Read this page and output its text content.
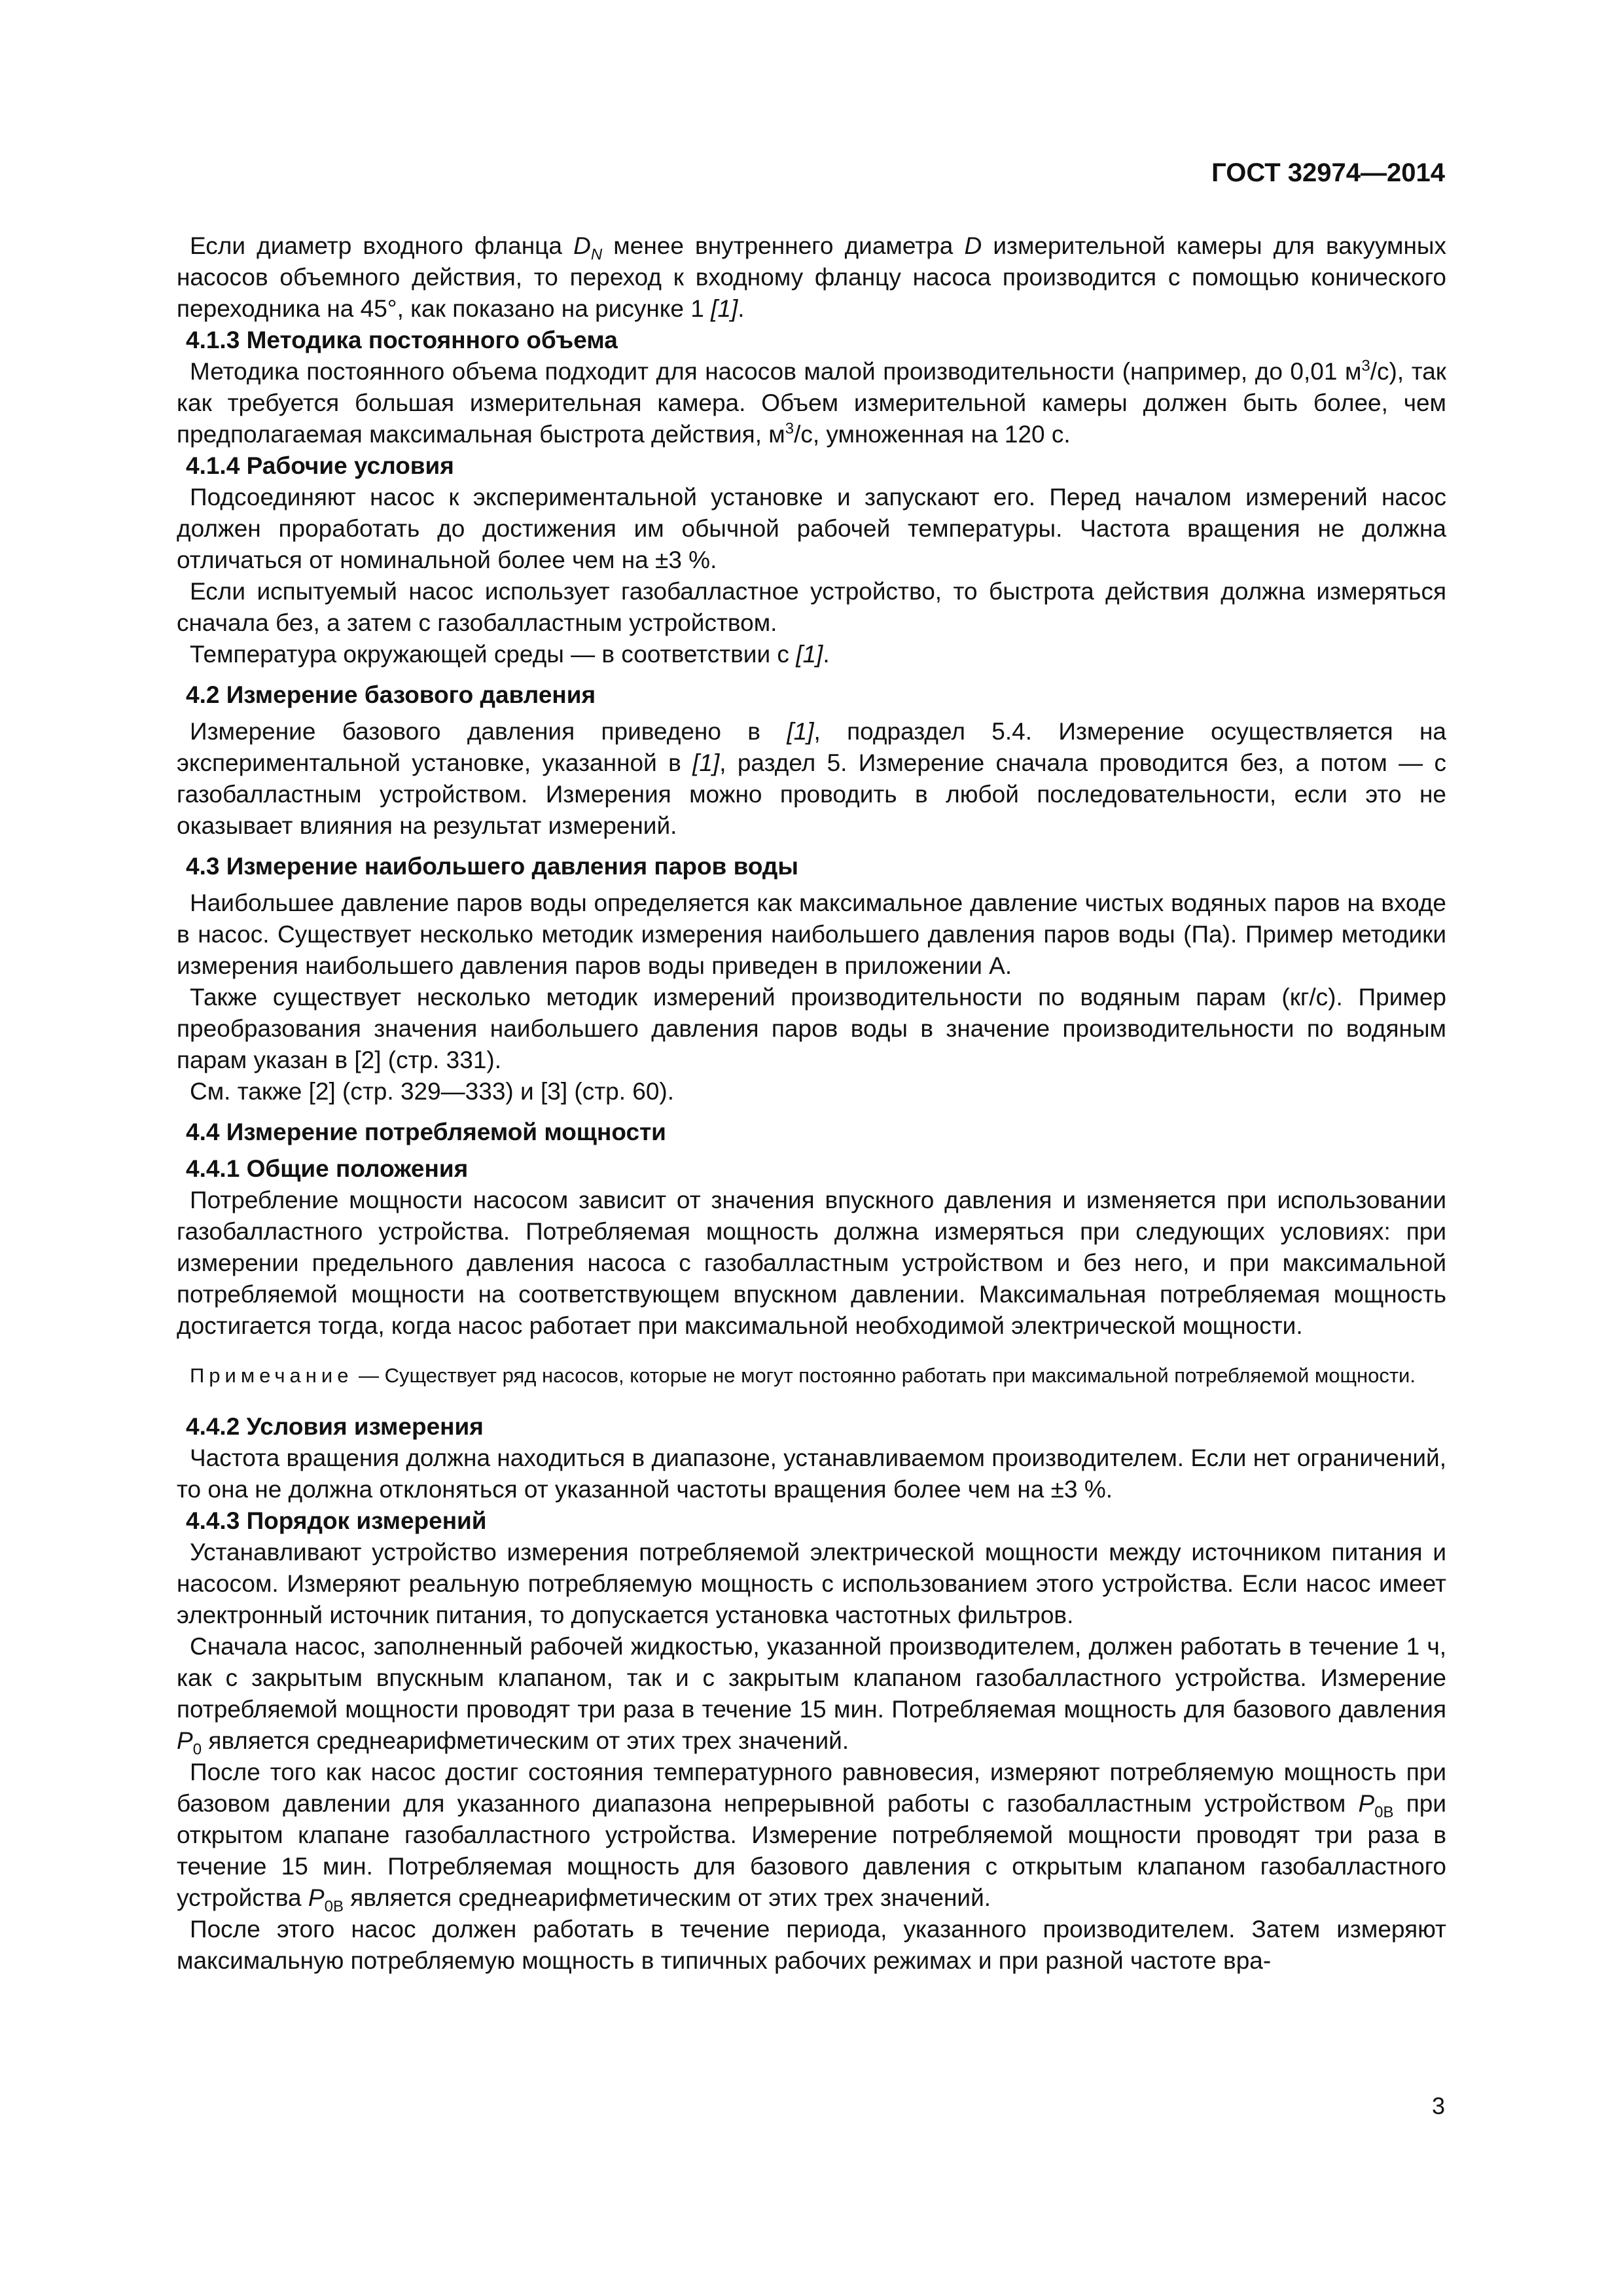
ГОСТ 32974—2014

Если диаметр входного фланца $D_N$ менее внутреннего диаметра D измерительной камеры для вакуумных насосов объемного действия, то переход к входному фланцу насоса производится с помощью конического переходника на 45°, как показано на рисунке 1 [1].

4.1.3 Методика постоянного объема

Методика постоянного объема подходит для насосов малой производительности (например, до 0,01 $м^3/с$), так как требуется большая измерительная камера. Объем измерительной камеры должен быть более, чем предполагаемая максимальная быстрота действия, $м^3/с$, умноженная на 120 с.

4.1.4 Рабочие условия

Подсоединяют насос к экспериментальной установке и запускают его. Перед началом измерений насос должен проработать до достижения им обычной рабочей температуры. Частота вращения не должна отличаться от номинальной более чем на ±3 %.

Если испытуемый насос использует газобалластное устройство, то быстрота действия должна измеряться сначала без, а затем с газобалластным устройством.

Температура окружающей среды — в соответствии с [1].

4.2 Измерение базового давления

Измерение базового давления приведено в [1], подраздел 5.4. Измерение осуществляется на экспериментальной установке, указанной в [1], раздел 5. Измерение сначала проводится без, а потом — с газобалластным устройством. Измерения можно проводить в любой последовательности, если это не оказывает влияния на результат измерений.

4.3 Измерение наибольшего давления паров воды

Наибольшее давление паров воды определяется как максимальное давление чистых водяных паров на входе в насос. Существует несколько методик измерения наибольшего давления паров воды (Па). Пример методики измерения наибольшего давления паров воды приведен в приложении А.

Также существует несколько методик измерений производительности по водяным парам (кг/с). Пример преобразования значения наибольшего давления паров воды в значение производительности по водяным парам указан в [2] (стр. 331).

См. также [2] (стр. 329—333) и [3] (стр. 60).

4.4 Измерение потребляемой мощности
4.4.1 Общие положения

Потребление мощности насосом зависит от значения впускного давления и изменяется при использовании газобалластного устройства. Потребляемая мощность должна измеряться при следующих условиях: при измерении предельного давления насоса с газобалластным устройством и без него, и при максимальной потребляемой мощности на соответствующем впускном давлении. Максимальная потребляемая мощность достигается тогда, когда насос работает при максимальной необходимой электрической мощности.

Примечание — Существует ряд насосов, которые не могут постоянно работать при максимальной потребляемой мощности.
4.4.2 Условия измерения

Частота вращения должна находиться в диапазоне, устанавливаемом производителем. Если нет ограничений, то она не должна отклоняться от указанной частоты вращения более чем на ±3 %.

4.4.3 Порядок измерений

Устанавливают устройство измерения потребляемой электрической мощности между источником питания и насосом. Измеряют реальную потребляемую мощность с использованием этого устройства. Если насос имеет электронный источник питания, то допускается установка частотных фильтров.

Сначала насос, заполненный рабочей жидкостью, указанной производителем, должен работать в течение 1 ч, как с закрытым впускным клапаном, так и с закрытым клапаном газобалластного устройства. Измерение потребляемой мощности проводят три раза в течение 15 мин. Потребляемая мощность для базового давления $P_0$ является среднеарифметическим от этих трех значений.

После того как насос достиг состояния температурного равновесия, измеряют потребляемую мощность при базовом давлении для указанного диапазона непрерывной работы с газобалластным устройством $P_{0В}$ при открытом клапане газобалластного устройства. Измерение потребляемой мощности проводят три раза в течение 15 мин. Потребляемая мощность для базового давления с открытым клапаном газобалластного устройства $P_{0В}$ является среднеарифметическим от этих трех значений.

После этого насос должен работать в течение периода, указанного производителем. Затем измеряют максимальную потребляемую мощность в типичных рабочих режимах и при разной частоте вра-

3
